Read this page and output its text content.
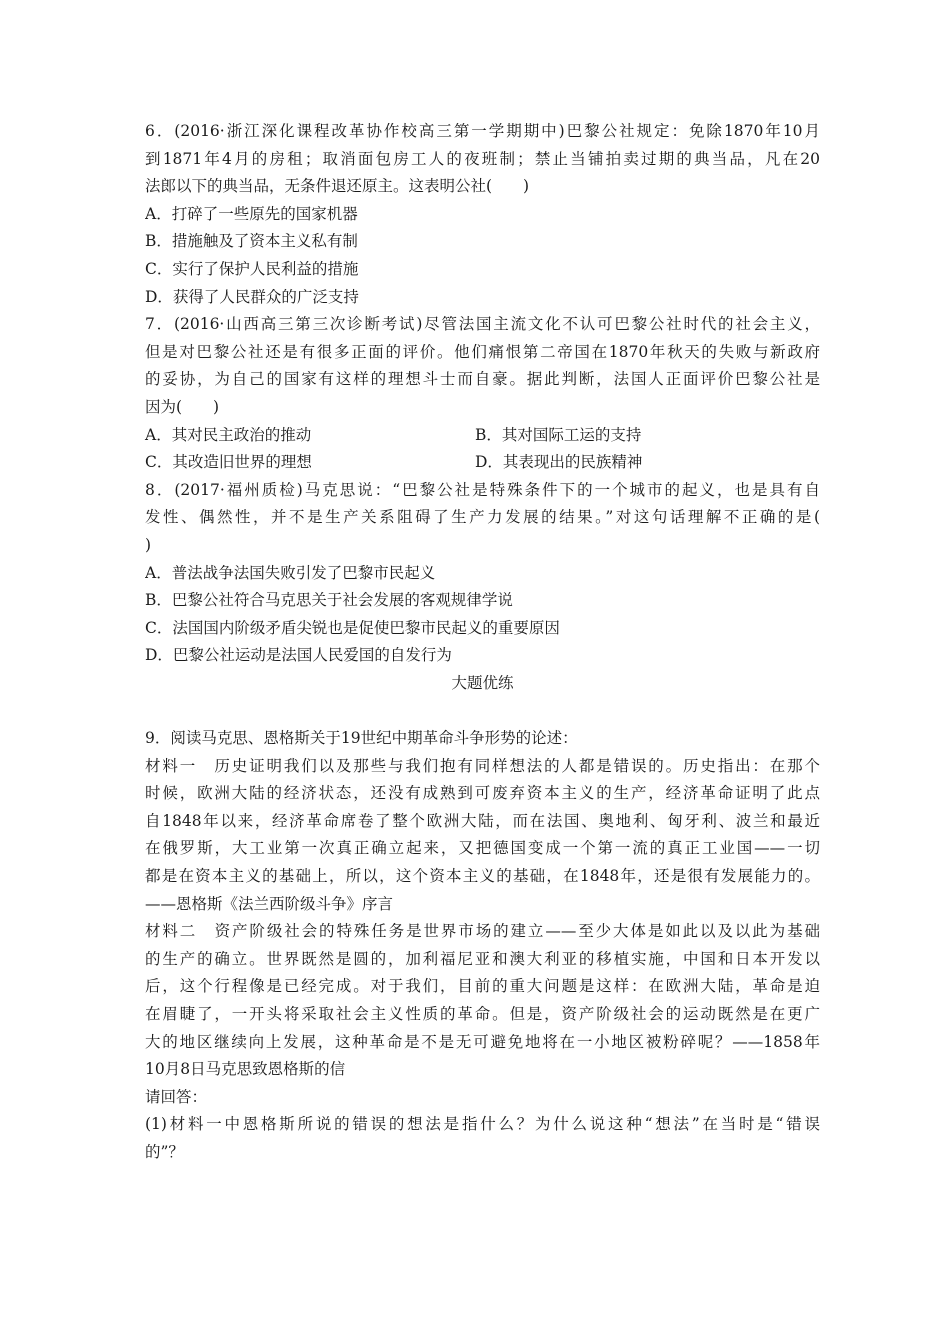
6．(2016·浙江深化课程改革协作校高三第一学期期中)巴黎公社规定：免除1870年10月
到1871年4月的房租；取消面包房工人的夜班制；禁止当铺拍卖过期的典当品，凡在20
法郎以下的典当品，无条件退还原主。这表明公社(　　)
A．打碎了一些原先的国家机器
B．措施触及了资本主义私有制
C．实行了保护人民利益的措施
D．获得了人民群众的广泛支持
7．(2016·山西高三第三次诊断考试)尽管法国主流文化不认可巴黎公社时代的社会主义，
但是对巴黎公社还是有很多正面的评价。他们痛恨第二帝国在1870年秋天的失败与新政府
的妥协，为自己的国家有这样的理想斗士而自豪。据此判断，法国人正面评价巴黎公社是
因为(　　)
A．其对民主政治的推动	B．其对国际工运的支持
C．其改造旧世界的理想	D．其表现出的民族精神
8．(2017·福州质检)马克思说：“巴黎公社是特殊条件下的一个城市的起义，也是具有自
发性、偶然性，并不是生产关系阻碍了生产力发展的结果。”对这句话理解不正确的是(
)
A．普法战争法国失败引发了巴黎市民起义
B．巴黎公社符合马克思关于社会发展的客观规律学说
C．法国国内阶级矛盾尖锐也是促使巴黎市民起义的重要原因
D．巴黎公社运动是法国人民爱国的自发行为
大题优练
9．阅读马克思、恩格斯关于19世纪中期革命斗争形势的论述：
材料一　历史证明我们以及那些与我们抱有同样想法的人都是错误的。历史指出：在那个
时候，欧洲大陆的经济状态，还没有成熟到可废弃资本主义的生产，经济革命证明了此点
自1848年以来，经济革命席卷了整个欧洲大陆，而在法国、奥地利、匈牙利、波兰和最近
在俄罗斯，大工业第一次真正确立起来，又把德国变成一个第一流的真正工业国——一切
都是在资本主义的基础上，所以，这个资本主义的基础，在1848年，还是很有发展能力的。
——恩格斯《法兰西阶级斗争》序言
材料二　资产阶级社会的特殊任务是世界市场的建立——至少大体是如此以及以此为基础
的生产的确立。世界既然是圆的，加利福尼亚和澳大利亚的移植实施，中国和日本开发以
后，这个行程像是已经完成。对于我们，目前的重大问题是这样：在欧洲大陆，革命是迫
在眉睫了，一开头将采取社会主义性质的革命。但是，资产阶级社会的运动既然是在更广
大的地区继续向上发展，这种革命是不是无可避免地将在一小地区被粉碎呢？——1858年
10月8日马克思致恩格斯的信
请回答：
(1)材料一中恩格斯所说的错误的想法是指什么？为什么说这种“想法”在当时是“错误
的”？
